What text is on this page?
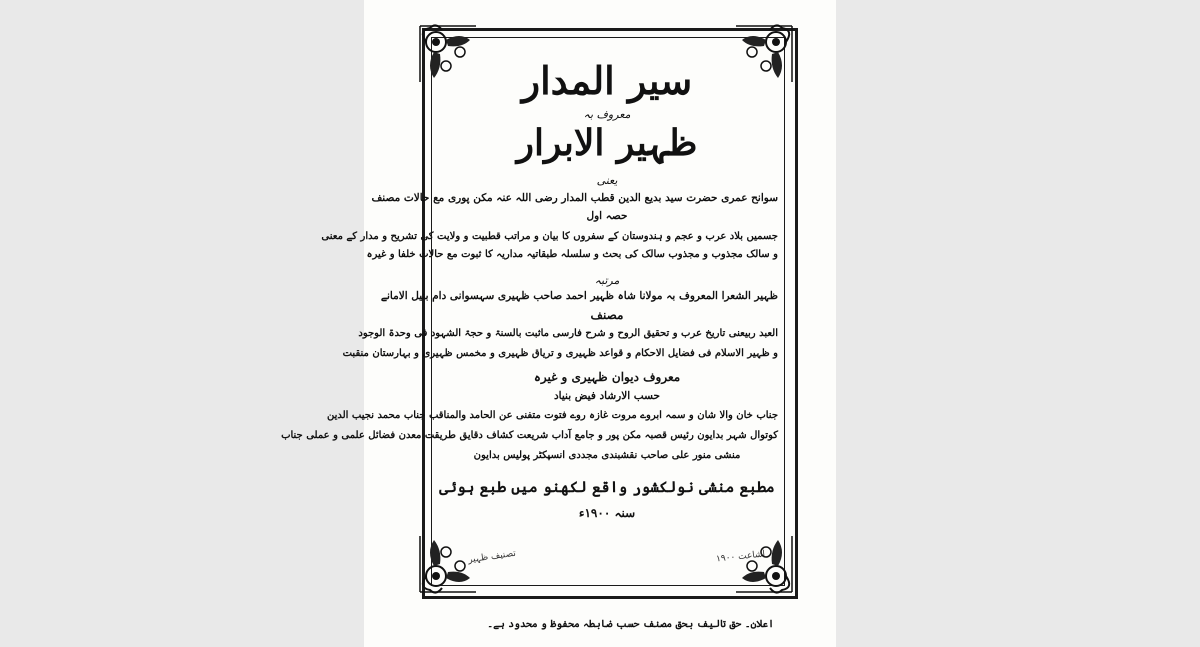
سیر المدار
معروف بہ
ظہیر الابرار
یعنی
سوانح عمری حضرت سید بدیع الدین قطب المدار رضی اللہ عنہ مکن پوری مع حالات مصنف
حصہ اول
جسمیں بلاد عرب و عجم و ہندوستان کے سفروں کا بیان و مراتب قطبیت و ولایت کی تشریح و مدار کے معنی
و سالک مجذوب و مجذوب سالک کی بحث و سلسلہ طبقاتیہ مداریہ کا ثبوت مع حالات خلفا و غیرہ
مرتبہ
ظہیر الشعرا المعروف بہ مولانا شاہ ظہیر احمد صاحب ظہیری سہسوانی دام بنیل الامانے
مصنف
العبد ربیعنی تاریخ عرب و تحقیق الروح و شرح فارسی ماثبت بالسنۃ و حجۃ الشہود فی وحدۃ الوجود
و ظہیر الاسلام فی فضایل الاحکام و قواعد ظہیری و تریاق ظہیری و مخمس ظہیری و بہارستان منقبت
معروف دیوان ظہیری و غیرہ
حسب الارشاد فیض بنیاد
جناب خان والا شان و سمہ ابروے مروت غازہ روے فتوت متفنی عن الحامد والمناقب جناب محمد نجیب الدین
کوتوال شہر بدایون رئیس قصبہ مکن پور و جامع آداب شریعت کشاف دقایق طریقت معدن فضائل علمی و عملی جناب
منشی منور علی صاحب نقشبندی مجددی انسپکٹر پولیس بدایون
مطبع منشی نولکشور واقع لکھنو میں طبع ہوئی
سنہ ۱۹۰۰ء
تصنیف ظہیر	اشاعت ۱۹۰۰
اعلان۔ حق تالیف بحق مصنف حسب ضابطہ محفوظ و محدود ہے۔
